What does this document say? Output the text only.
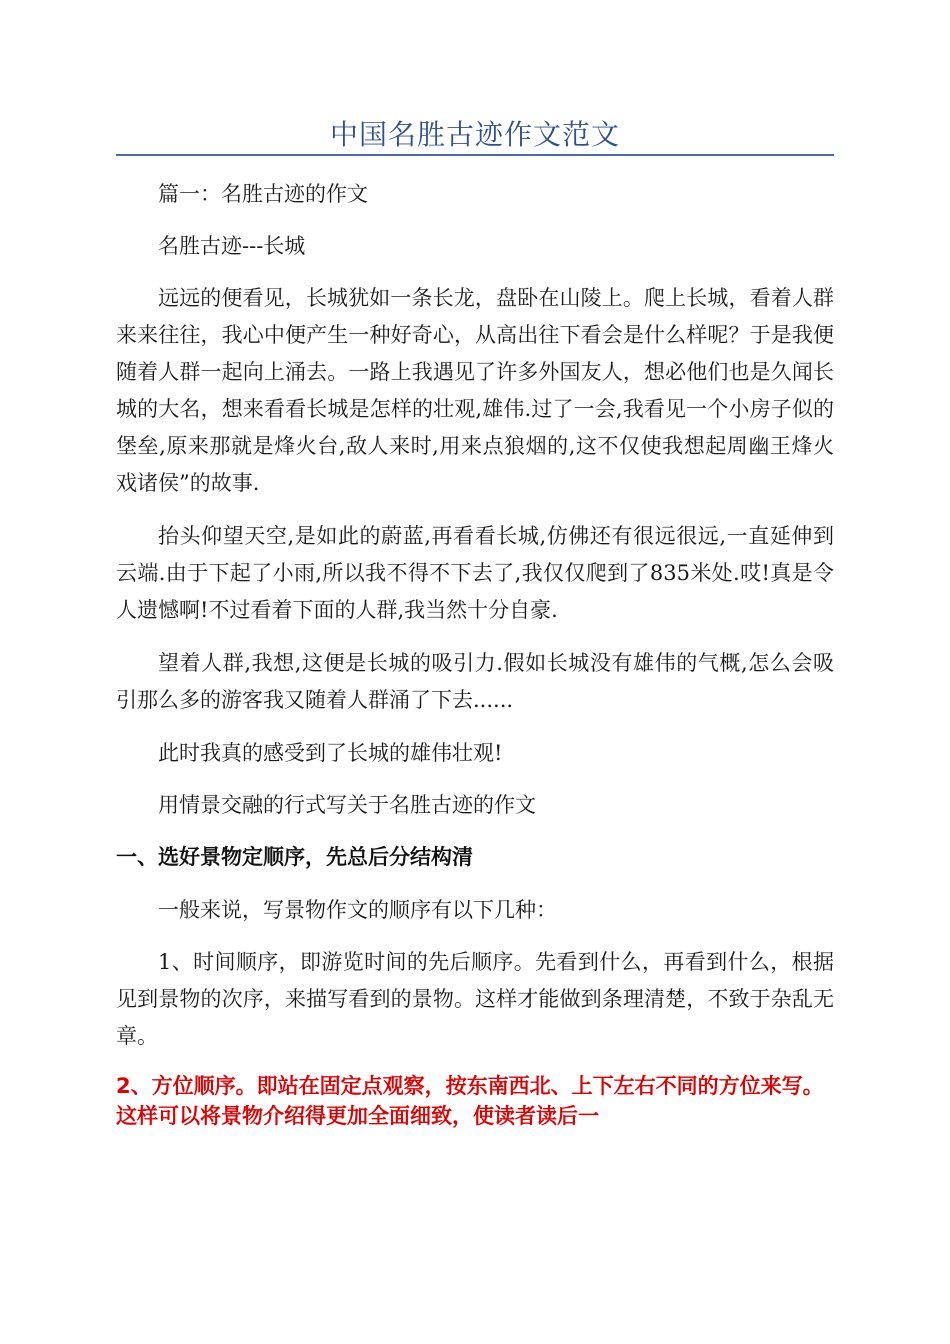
中国名胜古迹作文范文

篇一：名胜古迹的作文

名胜古迹---长城

远远的便看见，长城犹如一条长龙，盘卧在山陵上。爬上长城，看着人群来来往往，我心中便产生一种好奇心，从高出往下看会是什么样呢？于是我便随着人群一起向上涌去。一路上我遇见了许多外国友人，想必他们也是久闻长城的大名，想来看看长城是怎样的壮观,雄伟.过了一会,我看见一个小房子似的堡垒,原来那就是烽火台,敌人来时,用来点狼烟的,这不仅使我想起周幽王烽火戏诸侯”的故事.

抬头仰望天空,是如此的蔚蓝,再看看长城,仿佛还有很远很远,一直延伸到云端.由于下起了小雨,所以我不得不下去了,我仅仅爬到了835米处.哎!真是令人遗憾啊!不过看着下面的人群,我当然十分自豪.

望着人群,我想,这便是长城的吸引力.假如长城没有雄伟的气概,怎么会吸引那么多的游客我又随着人群涌了下去......

此时我真的感受到了长城的雄伟壮观!

用情景交融的行式写关于名胜古迹的作文

一、选好景物定顺序，先总后分结构清

一般来说，写景物作文的顺序有以下几种：

1、时间顺序，即游览时间的先后顺序。先看到什么，再看到什么，根据见到景物的次序，来描写看到的景物。这样才能做到条理清楚，不致于杂乱无章。

2、方位顺序。即站在固定点观察，按东南西北、上下左右不同的方位来写。这样可以将景物介绍得更加全面细致，使读者读后一
